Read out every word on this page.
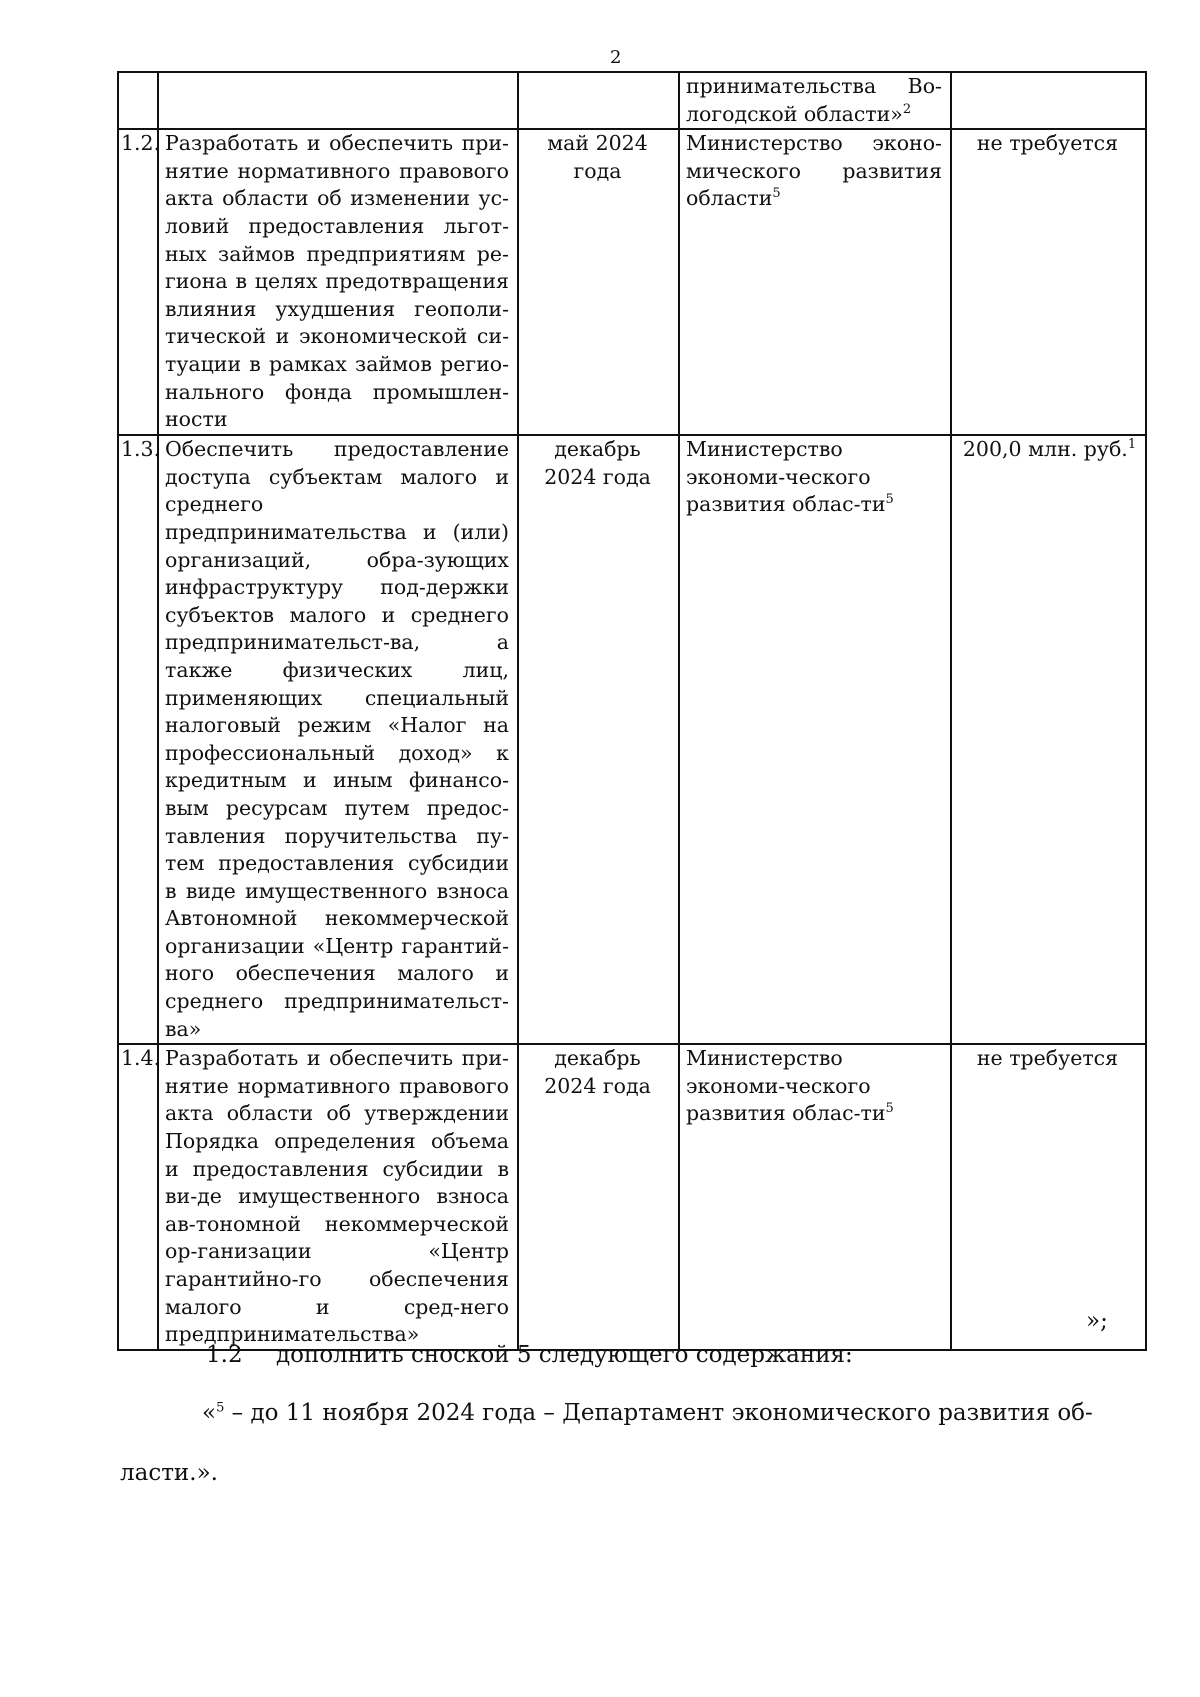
2
			принимательства Во-логодской области»$^2$	
1.2.	Разработать и обеспечить при-нятие нормативного правового акта области об изменении ус-ловий предоставления льгот-ных займов предприятиям ре-гиона в целях предотвращения влияния ухудшения геополи-тической и экономической си-туации в рамках займов регио-нального фонда промышлен-ности	май 2024 года	Министерство эконо-мического развития области$^5$	не требуется
1.3.	Обеспечить предоставление доступа субъектам малого и среднего предпринимательства и (или) организаций, обра-зующих инфраструктуру под-держки субъектов малого и среднего предпринимательст-ва, а также физических лиц, применяющих специальный налоговый режим «Налог на профессиональный доход» к кредитным и иным финансо-вым ресурсам путем предос-тавления поручительства пу-тем предоставления субсидии в виде имущественного взноса Автономной некоммерческой организации «Центр гарантий-ного обеспечения малого и среднего предпринимательст-ва»	декабрь 2024 года	Министерство экономи-ческого развития облас-$ти^5$	200,0 млн. руб.$^1$
1.4.	Разработать и обеспечить при-нятие нормативного правового акта области об утверждении Порядка определения объема и предоставления субсидии в ви-де имущественного взноса ав-тономной некоммерческой ор-ганизации «Центр гарантийно-го обеспечения малого и сред-него предпринимательства»	декабрь 2024 года	Министерство экономи-ческого развития облас-$ти^5$	не требуется
»;
1.2 дополнить сноской 5 следующего содержания:
«$^5$ – до 11 ноября 2024 года – Департамент экономического развития об-
ласти.».
